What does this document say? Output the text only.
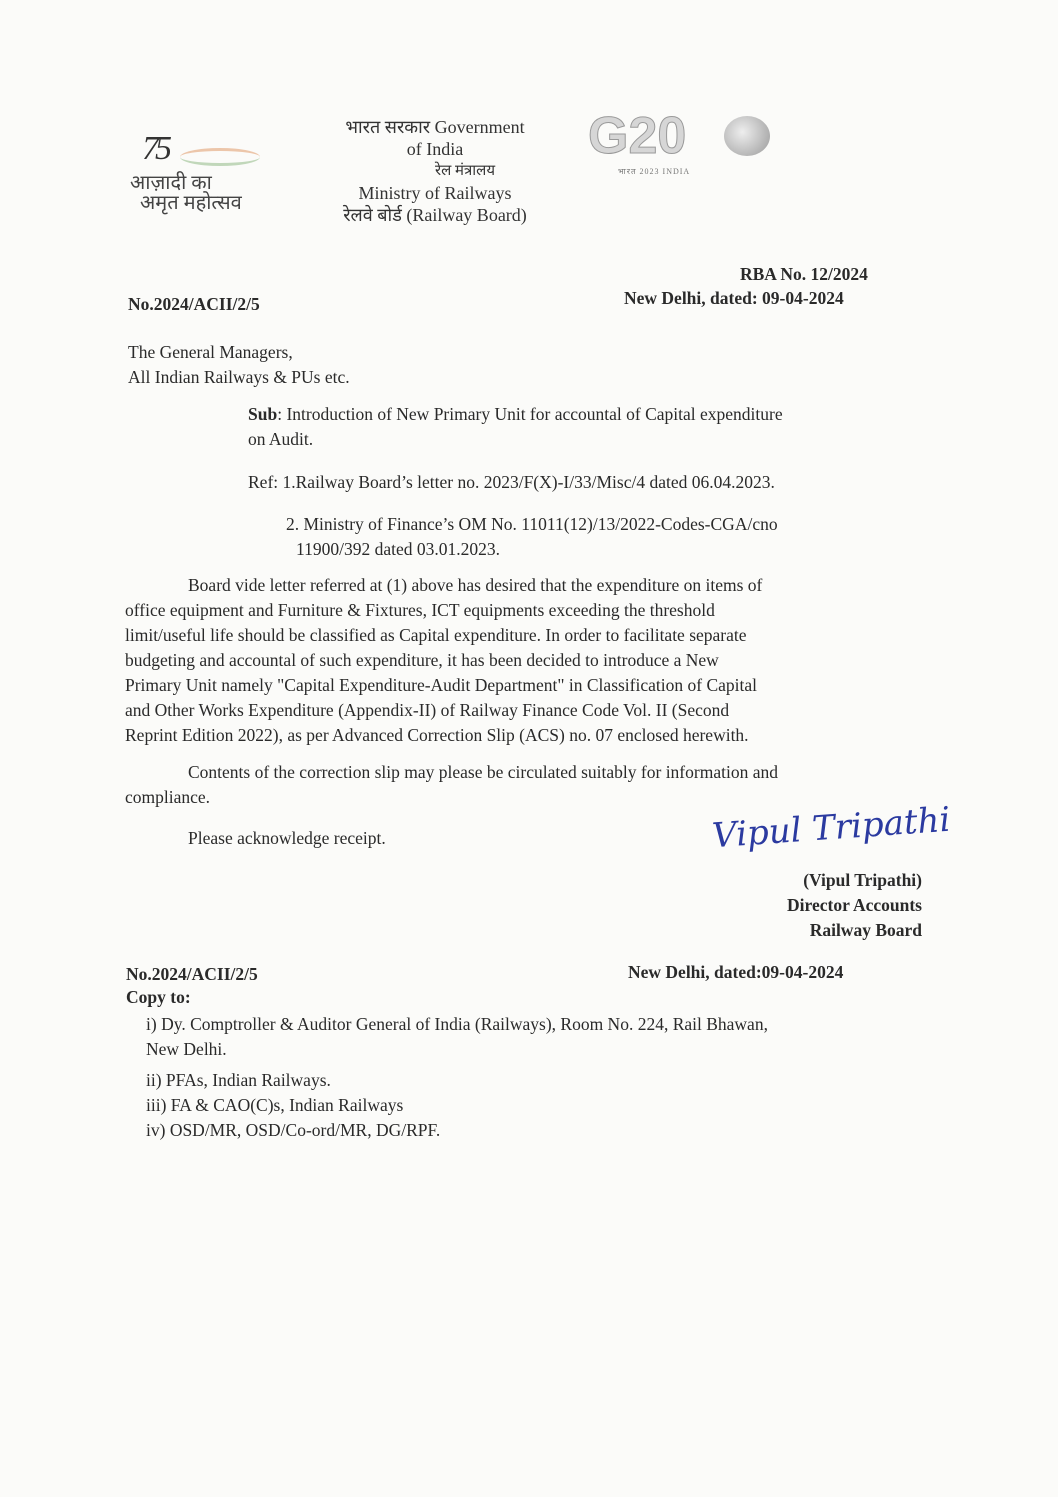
75
आज़ादी का
अमृत महोत्सव
भारत सरकार Government
of India
रेल मंत्रालय
Ministry of Railways
रेलवे बोर्ड (Railway Board)
G20
भारत 2023 INDIA
RBA No. 12/2024
New Delhi, dated: 09-04-2024
No.2024/ACII/2/5
The General Managers,
All Indian Railways & PUs etc.
Sub: Introduction of New Primary Unit for accountal of Capital expenditure
on Audit.
Ref: 1.Railway Board’s letter no. 2023/F(X)-I/33/Misc/4 dated 06.04.2023.
2. Ministry of Finance’s OM No. 11011(12)/13/2022-Codes-CGA/cno
11900/392 dated 03.01.2023.
Board vide letter referred at (1) above has desired that the expenditure on items of
office equipment and Furniture & Fixtures, ICT equipments exceeding the threshold
limit/useful life should be classified as Capital expenditure. In order to facilitate separate
budgeting and accountal of such expenditure, it has been decided to introduce a New
Primary Unit namely "Capital Expenditure-Audit Department" in Classification of Capital
and Other Works Expenditure (Appendix-II) of Railway Finance Code Vol. II (Second
Reprint Edition 2022), as per Advanced Correction Slip (ACS) no. 07 enclosed herewith.
Contents of the correction slip may please be circulated suitably for information and
compliance.
Please acknowledge receipt.	Vipul Tripathi
(Vipul Tripathi)
Director Accounts
Railway Board
No.2024/ACII/2/5	New Delhi, dated:09-04-2024
Copy to:
i) Dy. Comptroller & Auditor General of India (Railways), Room No. 224, Rail Bhawan,
New Delhi.
ii) PFAs, Indian Railways.
iii) FA & CAO(C)s, Indian Railways
iv) OSD/MR, OSD/Co-ord/MR, DG/RPF.
